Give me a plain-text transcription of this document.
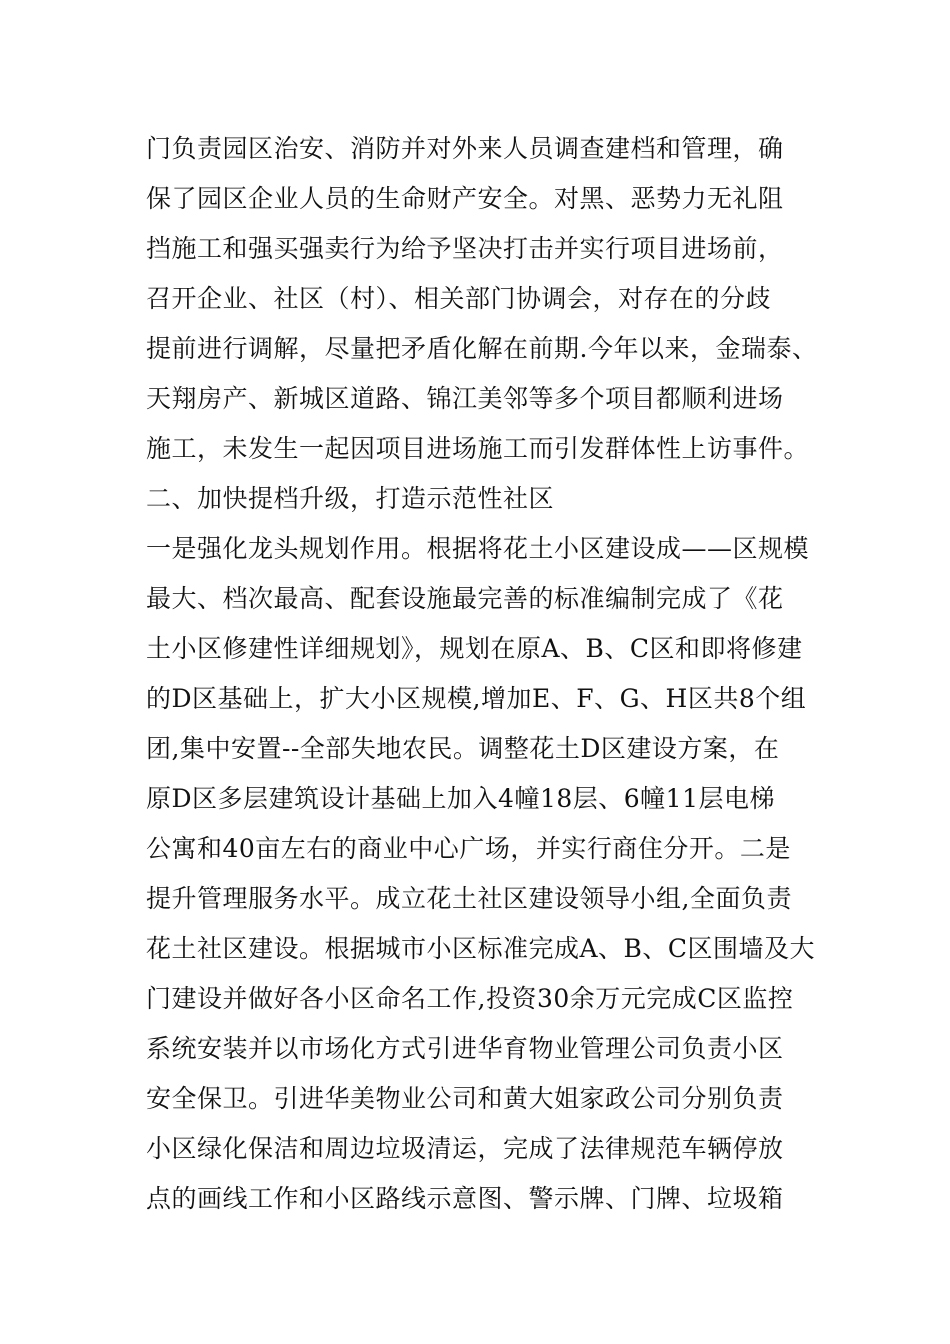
门负责园区治安、消防并对外来人员调查建档和管理，确
保了园区企业人员的生命财产安全。对黑、恶势力无礼阻
挡施工和强买强卖行为给予坚决打击并实行项目进场前，
召开企业、社区（村）、相关部门协调会，对存在的分歧
提前进行调解，尽量把矛盾化解在前期.今年以来，金瑞泰、
天翔房产、新城区道路、锦江美邻等多个项目都顺利进场
施工，未发生一起因项目进场施工而引发群体性上访事件。
二、加快提档升级，打造示范性社区
一是强化龙头规划作用。根据将花土小区建设成——区规模
最大、档次最高、配套设施最完善的标准编制完成了《花
土小区修建性详细规划》，规划在原A、B、C区和即将修建
的D区基础上，扩大小区规模,增加E、F、G、H区共8个组
团,集中安置--全部失地农民。调整花土D区建设方案，在
原D区多层建筑设计基础上加入4幢18层、6幢11层电梯
公寓和40亩左右的商业中心广场，并实行商住分开。二是
提升管理服务水平。成立花土社区建设领导小组,全面负责
花土社区建设。根据城市小区标准完成A、B、C区围墙及大
门建设并做好各小区命名工作,投资30余万元完成C区监控
系统安装并以市场化方式引进华育物业管理公司负责小区
安全保卫。引进华美物业公司和黄大姐家政公司分别负责
小区绿化保洁和周边垃圾清运，完成了法律规范车辆停放
点的画线工作和小区路线示意图、警示牌、门牌、垃圾箱
